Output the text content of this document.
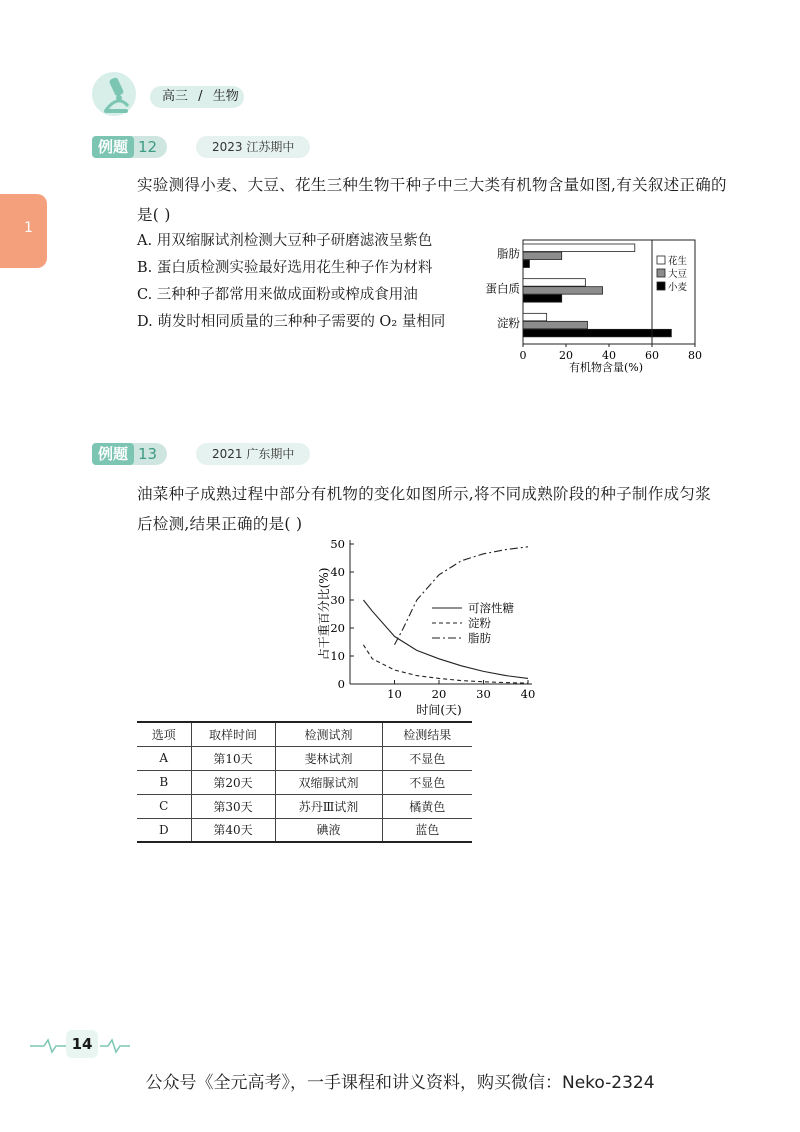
高三 / 生物
1
例题 12	2023 江苏期中
实验测得小麦、大豆、花生三种生物干种子中三大类有机物含量如图,有关叙述正确的
是( )
A. 用双缩脲试剂检测大豆种子研磨滤液呈紫色
B. 蛋白质检测实验最好选用花生种子作为材料
C. 三种种子都常用来做成面粉或榨成食用油
D. 萌发时相同质量的三种种子需要的 O₂ 量相同
脂肪
蛋白质
淀粉
0	20	40	60	80
有机物含量(%)
花生
大豆
小麦
例题 13	2021 广东期中
油菜种子成熟过程中部分有机物的变化如图所示,将不同成熟阶段的种子制作成匀浆
后检测,结果正确的是( )
0
10
20
30
40
50
10	20	30	40
时间(天)
占干重百分比(%)	可溶性糖
淀粉
脂肪
选项	取样时间	检测试剂	检测结果
A	第10天	斐林试剂	不显色
B	第20天	双缩脲试剂	不显色
C	第30天	苏丹Ⅲ试剂	橘黄色
D	第40天	碘液	蓝色
14
公众号《全元高考》，一手课程和讲义资料，购买微信：Neko-2324
